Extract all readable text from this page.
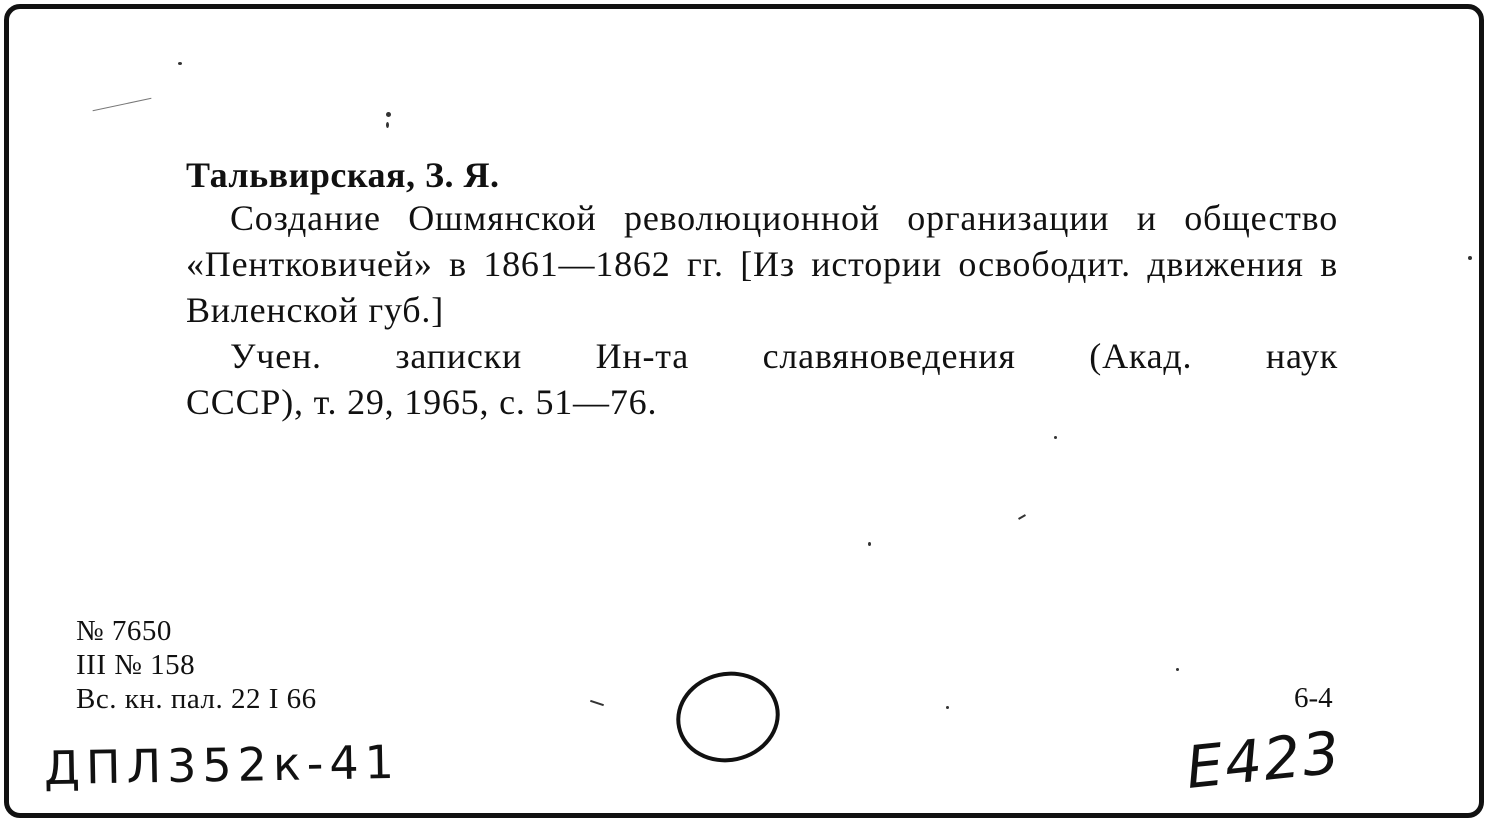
Тальвирская, З. Я.
Создание Ошмянской революционной организации и общество «Пентковичей» в 1861—1862 гг. [Из истории освободит. движения в Виленской губ.]
Учен. записки Ин-та славяноведения (Акад. наук
СССР), т. 29, 1965, с. 51—76.
№ 7650
III № 158
Вс. кн. пал. 22 I 66	6-4
ДПЛ352к-41	Е423
